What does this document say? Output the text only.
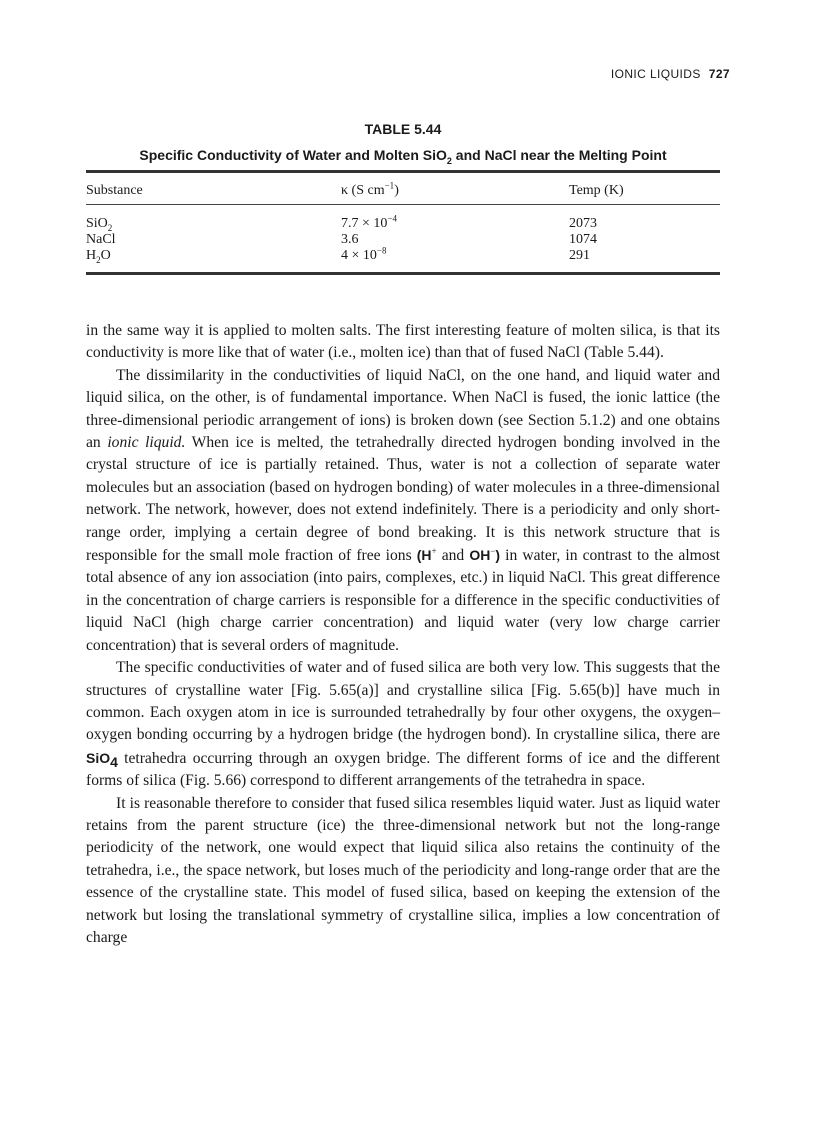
IONIC LIQUIDS 727
TABLE 5.44
Specific Conductivity of Water and Molten SiO$_2$ and NaCl near the Melting Point
Substance	κ (S $cm^{-1}$)	Temp (K)
SiO$_2$	$7.7 \times 10^{-4}$	2073
NaCl	3.6	1074
$H_2O$	$4 \times 10^{-8}$	291

in the same way it is applied to molten salts. The first interesting feature of molten silica, is that its conductivity is more like that of water (i.e., molten ice) than that of fused NaCl (Table 5.44).

The dissimilarity in the conductivities of liquid NaCl, on the one hand, and liquid water and liquid silica, on the other, is of fundamental importance. When NaCl is fused, the ionic lattice (the three-dimensional periodic arrangement of ions) is broken down (see Section 5.1.2) and one obtains an ionic liquid. When ice is melted, the tetrahedrally directed hydrogen bonding involved in the crystal structure of ice is partially retained. Thus, water is not a collection of separate water molecules but an association (based on hydrogen bonding) of water molecules in a three-dimensional network. The network, however, does not extend indefinitely. There is a periodicity and only short-range order, implying a certain degree of bond breaking. It is this network structure that is responsible for the small mole fraction of free ions (H+ and OH−) in water, in contrast to the almost total absence of any ion association (into pairs, complexes, etc.) in liquid NaCl. This great difference in the concentration of charge carriers is responsible for a difference in the specific conductivities of liquid NaCl (high charge carrier concentration) and liquid water (very low charge carrier concentration) that is several orders of magnitude.

The specific conductivities of water and of fused silica are both very low. This suggests that the structures of crystalline water [Fig. 5.65(a)] and crystalline silica [Fig. 5.65(b)] have much in common. Each oxygen atom in ice is surrounded tetrahedrally by four other oxygens, the oxygen–oxygen bonding occurring by a hydrogen bridge (the hydrogen bond). In crystalline silica, there are SiO$_4$ tetrahedra occurring through an oxygen bridge. The different forms of ice and the different forms of silica (Fig. 5.66) correspond to different arrangements of the tetrahedra in space.

It is reasonable therefore to consider that fused silica resembles liquid water. Just as liquid water retains from the parent structure (ice) the three-dimensional network but not the long-range periodicity of the network, one would expect that liquid silica also retains the continuity of the tetrahedra, i.e., the space network, but loses much of the periodicity and long-range order that are the essence of the crystalline state. This model of fused silica, based on keeping the extension of the network but losing the translational symmetry of crystalline silica, implies a low concentration of charge
